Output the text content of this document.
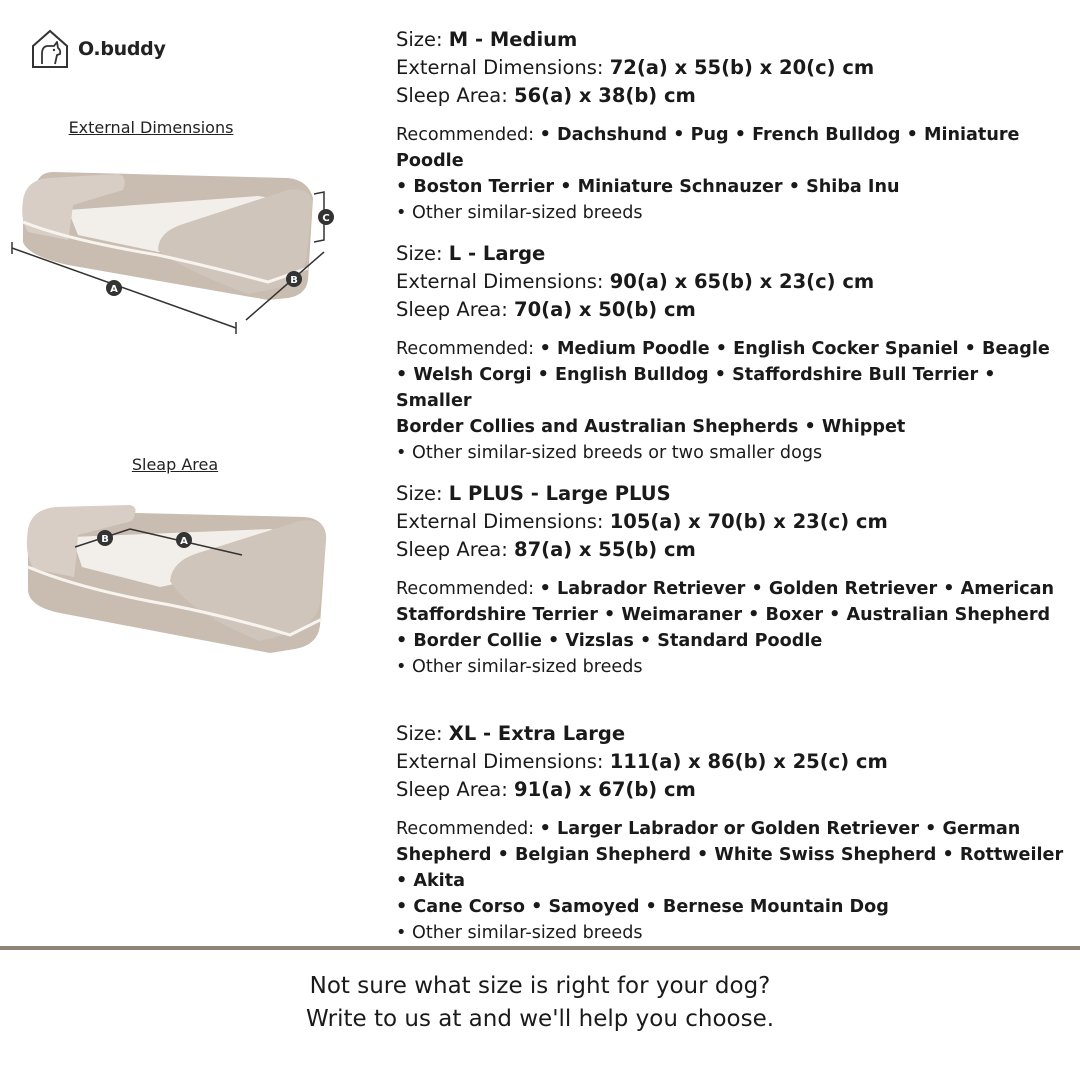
O.buddy
External Dimensions
A
B
C
Sleap Area
B	A
Size: M - Medium
External Dimensions: 72(a) x 55(b) x 20(c) cm
Sleep Area: 56(a) x 38(b) cm
Recommended: • Dachshund • Pug • French Bulldog • Miniature Poodle
• Boston Terrier • Miniature Schnauzer • Shiba Inu
• Other similar-sized breeds
Size: L - Large
External Dimensions: 90(a) x 65(b) x 23(c) cm
Sleep Area: 70(a) x 50(b) cm
Recommended: • Medium Poodle • English Cocker Spaniel • Beagle
• Welsh Corgi • English Bulldog • Staffordshire Bull Terrier • Smaller
Border Collies and Australian Shepherds • Whippet
• Other similar-sized breeds or two smaller dogs
Size: L PLUS - Large PLUS
External Dimensions: 105(a) x 70(b) x 23(c) cm
Sleep Area: 87(a) x 55(b) cm
Recommended: • Labrador Retriever • Golden Retriever • American
Staffordshire Terrier • Weimaraner • Boxer • Australian Shepherd
• Border Collie • Vizslas • Standard Poodle
• Other similar-sized breeds
Size: XL - Extra Large
External Dimensions: 111(a) x 86(b) x 25(c) cm
Sleep Area: 91(a) x 67(b) cm
Recommended: • Larger Labrador or Golden Retriever • German
Shepherd • Belgian Shepherd • White Swiss Shepherd • Rottweiler • Akita
• Cane Corso • Samoyed • Bernese Mountain Dog
• Other similar-sized breeds
Not sure what size is right for your dog?
Write to us at and we'll help you choose.
